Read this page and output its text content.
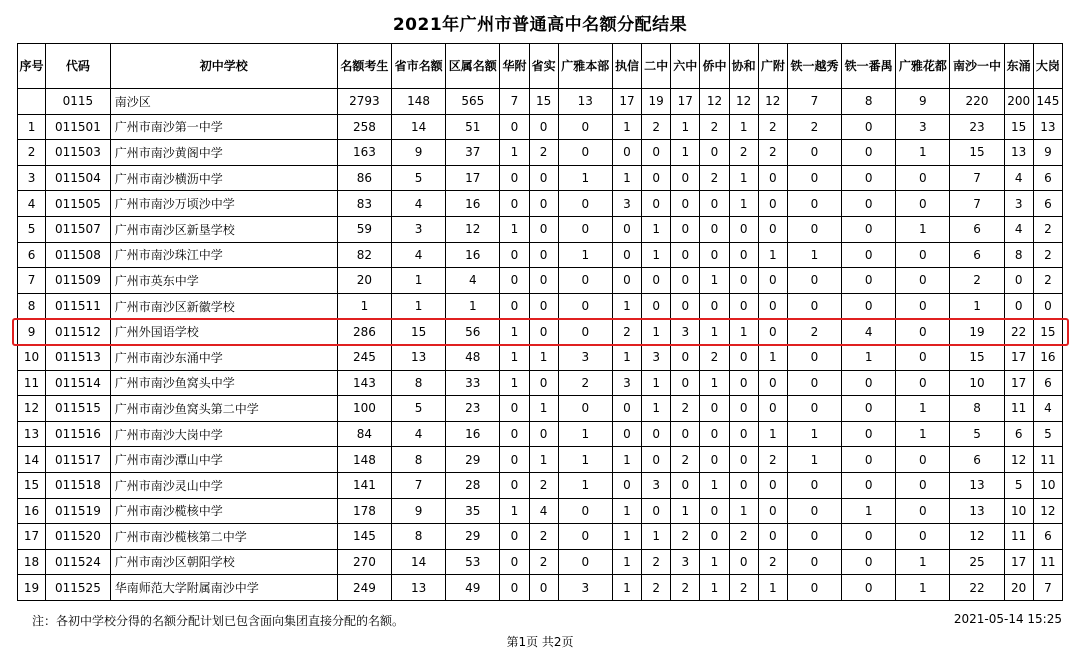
2021年广州市普通高中名额分配结果
序号	代码	初中学校	名额考生	省市名额	区属名额	华附	省实	广雅本部	执信	二中	六中	侨中	协和	广附	铁一越秀	铁一番禺	广雅花都	南沙一中	东涌	大岗
	0115	南沙区	2793	148	565	7	15	13	17	19	17	12	12	12	7	8	9	220	200	145
1	011501	广州市南沙第一中学	258	14	51	0	0	0	1	2	1	2	1	2	2	0	3	23	15	13
2	011503	广州市南沙黄阁中学	163	9	37	1	2	0	0	0	1	0	2	2	0	0	1	15	13	9
3	011504	广州市南沙横沥中学	86	5	17	0	0	1	1	0	0	2	1	0	0	0	0	7	4	6
4	011505	广州市南沙万顷沙中学	83	4	16	0	0	0	3	0	0	0	1	0	0	0	0	7	3	6
5	011507	广州市南沙区新垦学校	59	3	12	1	0	0	0	1	0	0	0	0	0	0	1	6	4	2
6	011508	广州市南沙珠江中学	82	4	16	0	0	1	0	1	0	0	0	1	1	0	0	6	8	2
7	011509	广州市英东中学	20	1	4	0	0	0	0	0	0	1	0	0	0	0	0	2	0	2
8	011511	广州市南沙区新徽学校	1	1	1	0	0	0	1	0	0	0	0	0	0	0	0	1	0	0
9	011512	广州外国语学校	286	15	56	1	0	0	2	1	3	1	1	0	2	4	0	19	22	15
10	011513	广州市南沙东涌中学	245	13	48	1	1	3	1	3	0	2	0	1	0	1	0	15	17	16
11	011514	广州市南沙鱼窝头中学	143	8	33	1	0	2	3	1	0	1	0	0	0	0	0	10	17	6
12	011515	广州市南沙鱼窝头第二中学	100	5	23	0	1	0	0	1	2	0	0	0	0	0	1	8	11	4
13	011516	广州市南沙大岗中学	84	4	16	0	0	1	0	0	0	0	0	1	1	0	1	5	6	5
14	011517	广州市南沙潭山中学	148	8	29	0	1	1	1	0	2	0	0	2	1	0	0	6	12	11
15	011518	广州市南沙灵山中学	141	7	28	0	2	1	0	3	0	1	0	0	0	0	0	13	5	10
16	011519	广州市南沙榄核中学	178	9	35	1	4	0	1	0	1	0	1	0	0	1	0	13	10	12
17	011520	广州市南沙榄核第二中学	145	8	29	0	2	0	1	1	2	0	2	0	0	0	0	12	11	6
18	011524	广州市南沙区朝阳学校	270	14	53	0	2	0	1	2	3	1	0	2	0	0	1	25	17	11
19	011525	华南师范大学附属南沙中学	249	13	49	0	0	3	1	2	2	1	2	1	0	0	1	22	20	7
注：各初中学校分得的名额分配计划已包含面向集团直接分配的名额。	2021-05-14 15:25
第1页 共2页
